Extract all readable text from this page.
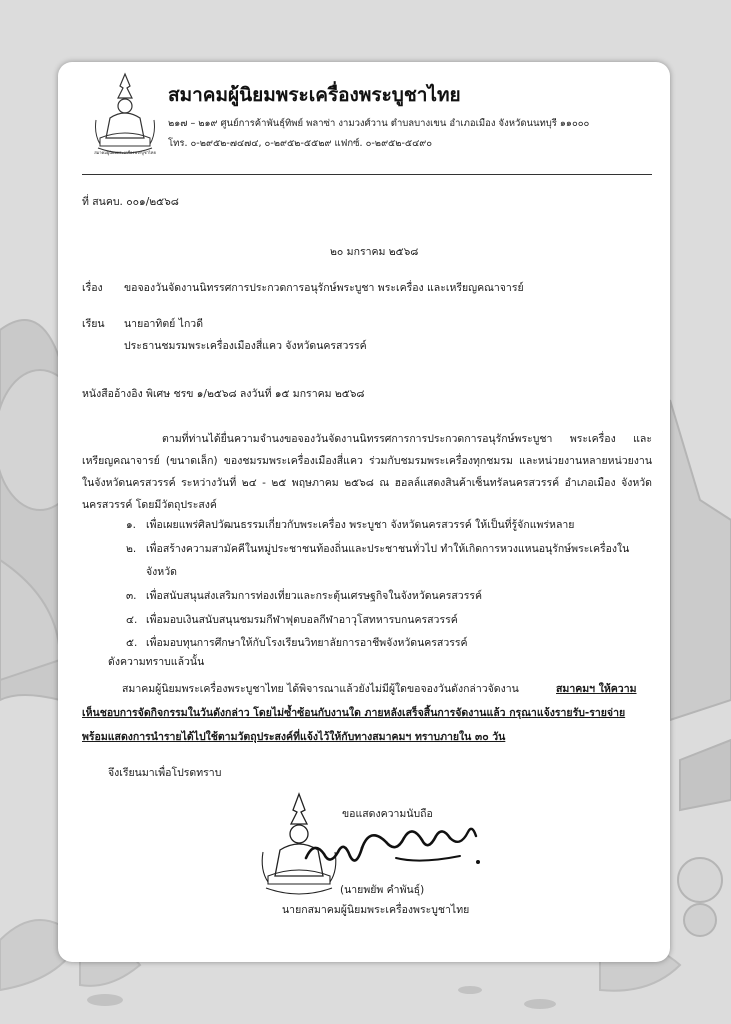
สมาคมผู้นิยมพระเครื่องพระบูชาไทย
สมาคมผู้นิยมพระเครื่องพระบูชาไทย
๒๑๗ – ๒๑๙ ศูนย์การค้าพันธุ์ทิพย์ พลาซ่า งามวงศ์วาน ตำบลบางเขน อำเภอเมือง จังหวัดนนทบุรี ๑๑๐๐๐
โทร. ๐-๒๙๕๒-๗๔๗๔, ๐-๒๙๕๒-๕๕๒๙ แฟกซ์. ๐-๒๙๕๒-๕๔๙๐
ที่ สนคบ. ๐๐๑/๒๕๖๘
๒๐ มกราคม ๒๕๖๘
เรื่อง ขอจองวันจัดงานนิทรรศการประกวดการอนุรักษ์พระบูชา พระเครื่อง และเหรียญคณาจารย์
เรียน นายอาทิตย์ ไกวดี
ประธานชมรมพระเครื่องเมืองสี่แคว จังหวัดนครสวรรค์
หนังสืออ้างอิง พิเศษ ชรข ๑/๒๕๖๘ ลงวันที่ ๑๕ มกราคม ๒๕๖๘
ตามที่ท่านได้ยื่นความจำนงขอจองวันจัดงานนิทรรศการการประกวดการอนุรักษ์พระบูชา พระเครื่อง และเหรียญคณาจารย์ (ขนาดเล็ก) ของชมรมพระเครื่องเมืองสี่แคว ร่วมกับชมรมพระเครื่องทุกชมรม และหน่วยงานหลายหน่วยงานในจังหวัดนครสวรรค์ ระหว่างวันที่ ๒๔ - ๒๕ พฤษภาคม ๒๕๖๘ ณ ฮอลล์แสดงสินค้าเซ็นทรัลนครสวรรค์ อำเภอเมือง จังหวัดนครสวรรค์ โดยมีวัตถุประสงค์
๑. เพื่อเผยแพร่ศิลปวัฒนธรรมเกี่ยวกับพระเครื่อง พระบูชา จังหวัดนครสวรรค์ ให้เป็นที่รู้จักแพร่หลาย
๒. เพื่อสร้างความสามัคคีในหมู่ประชาชนท้องถิ่นและประชาชนทั่วไป ทำให้เกิดการหวงแหนอนุรักษ์พระเครื่องใน
จังหวัด
๓. เพื่อสนับสนุนส่งเสริมการท่องเที่ยวและกระตุ้นเศรษฐกิจในจังหวัดนครสวรรค์
๔. เพื่อมอบเงินสนับสนุนชมรมกีฬาฟุตบอลกีฬาอาวุโสทหารบกนครสวรรค์
๕. เพื่อมอบทุนการศึกษาให้กับโรงเรียนวิทยาลัยการอาชีพจังหวัดนครสวรรค์
ดังความทราบแล้วนั้น
สมาคมผู้นิยมพระเครื่องพระบูชาไทย ได้พิจารณาแล้วยังไม่มีผู้ใดขอจองวันดังกล่าวจัดงาน	สมาคมฯ ให้ความ
เห็นชอบการจัดกิจกรรมในวันดังกล่าว โดยไม่ซ้ำซ้อนกับงานใด ภายหลังเสร็จสิ้นการจัดงานแล้ว กรุณาแจ้งรายรับ-รายจ่าย
พร้อมแสดงการนำรายได้ไปใช้ตามวัตถุประสงค์ที่แจ้งไว้ให้กับทางสมาคมฯ ทราบภายใน ๓๐ วัน
จึงเรียนมาเพื่อโปรดทราบ
ขอแสดงความนับถือ
(นายพยัพ คำพันธุ์)
นายกสมาคมผู้นิยมพระเครื่องพระบูชาไทย
